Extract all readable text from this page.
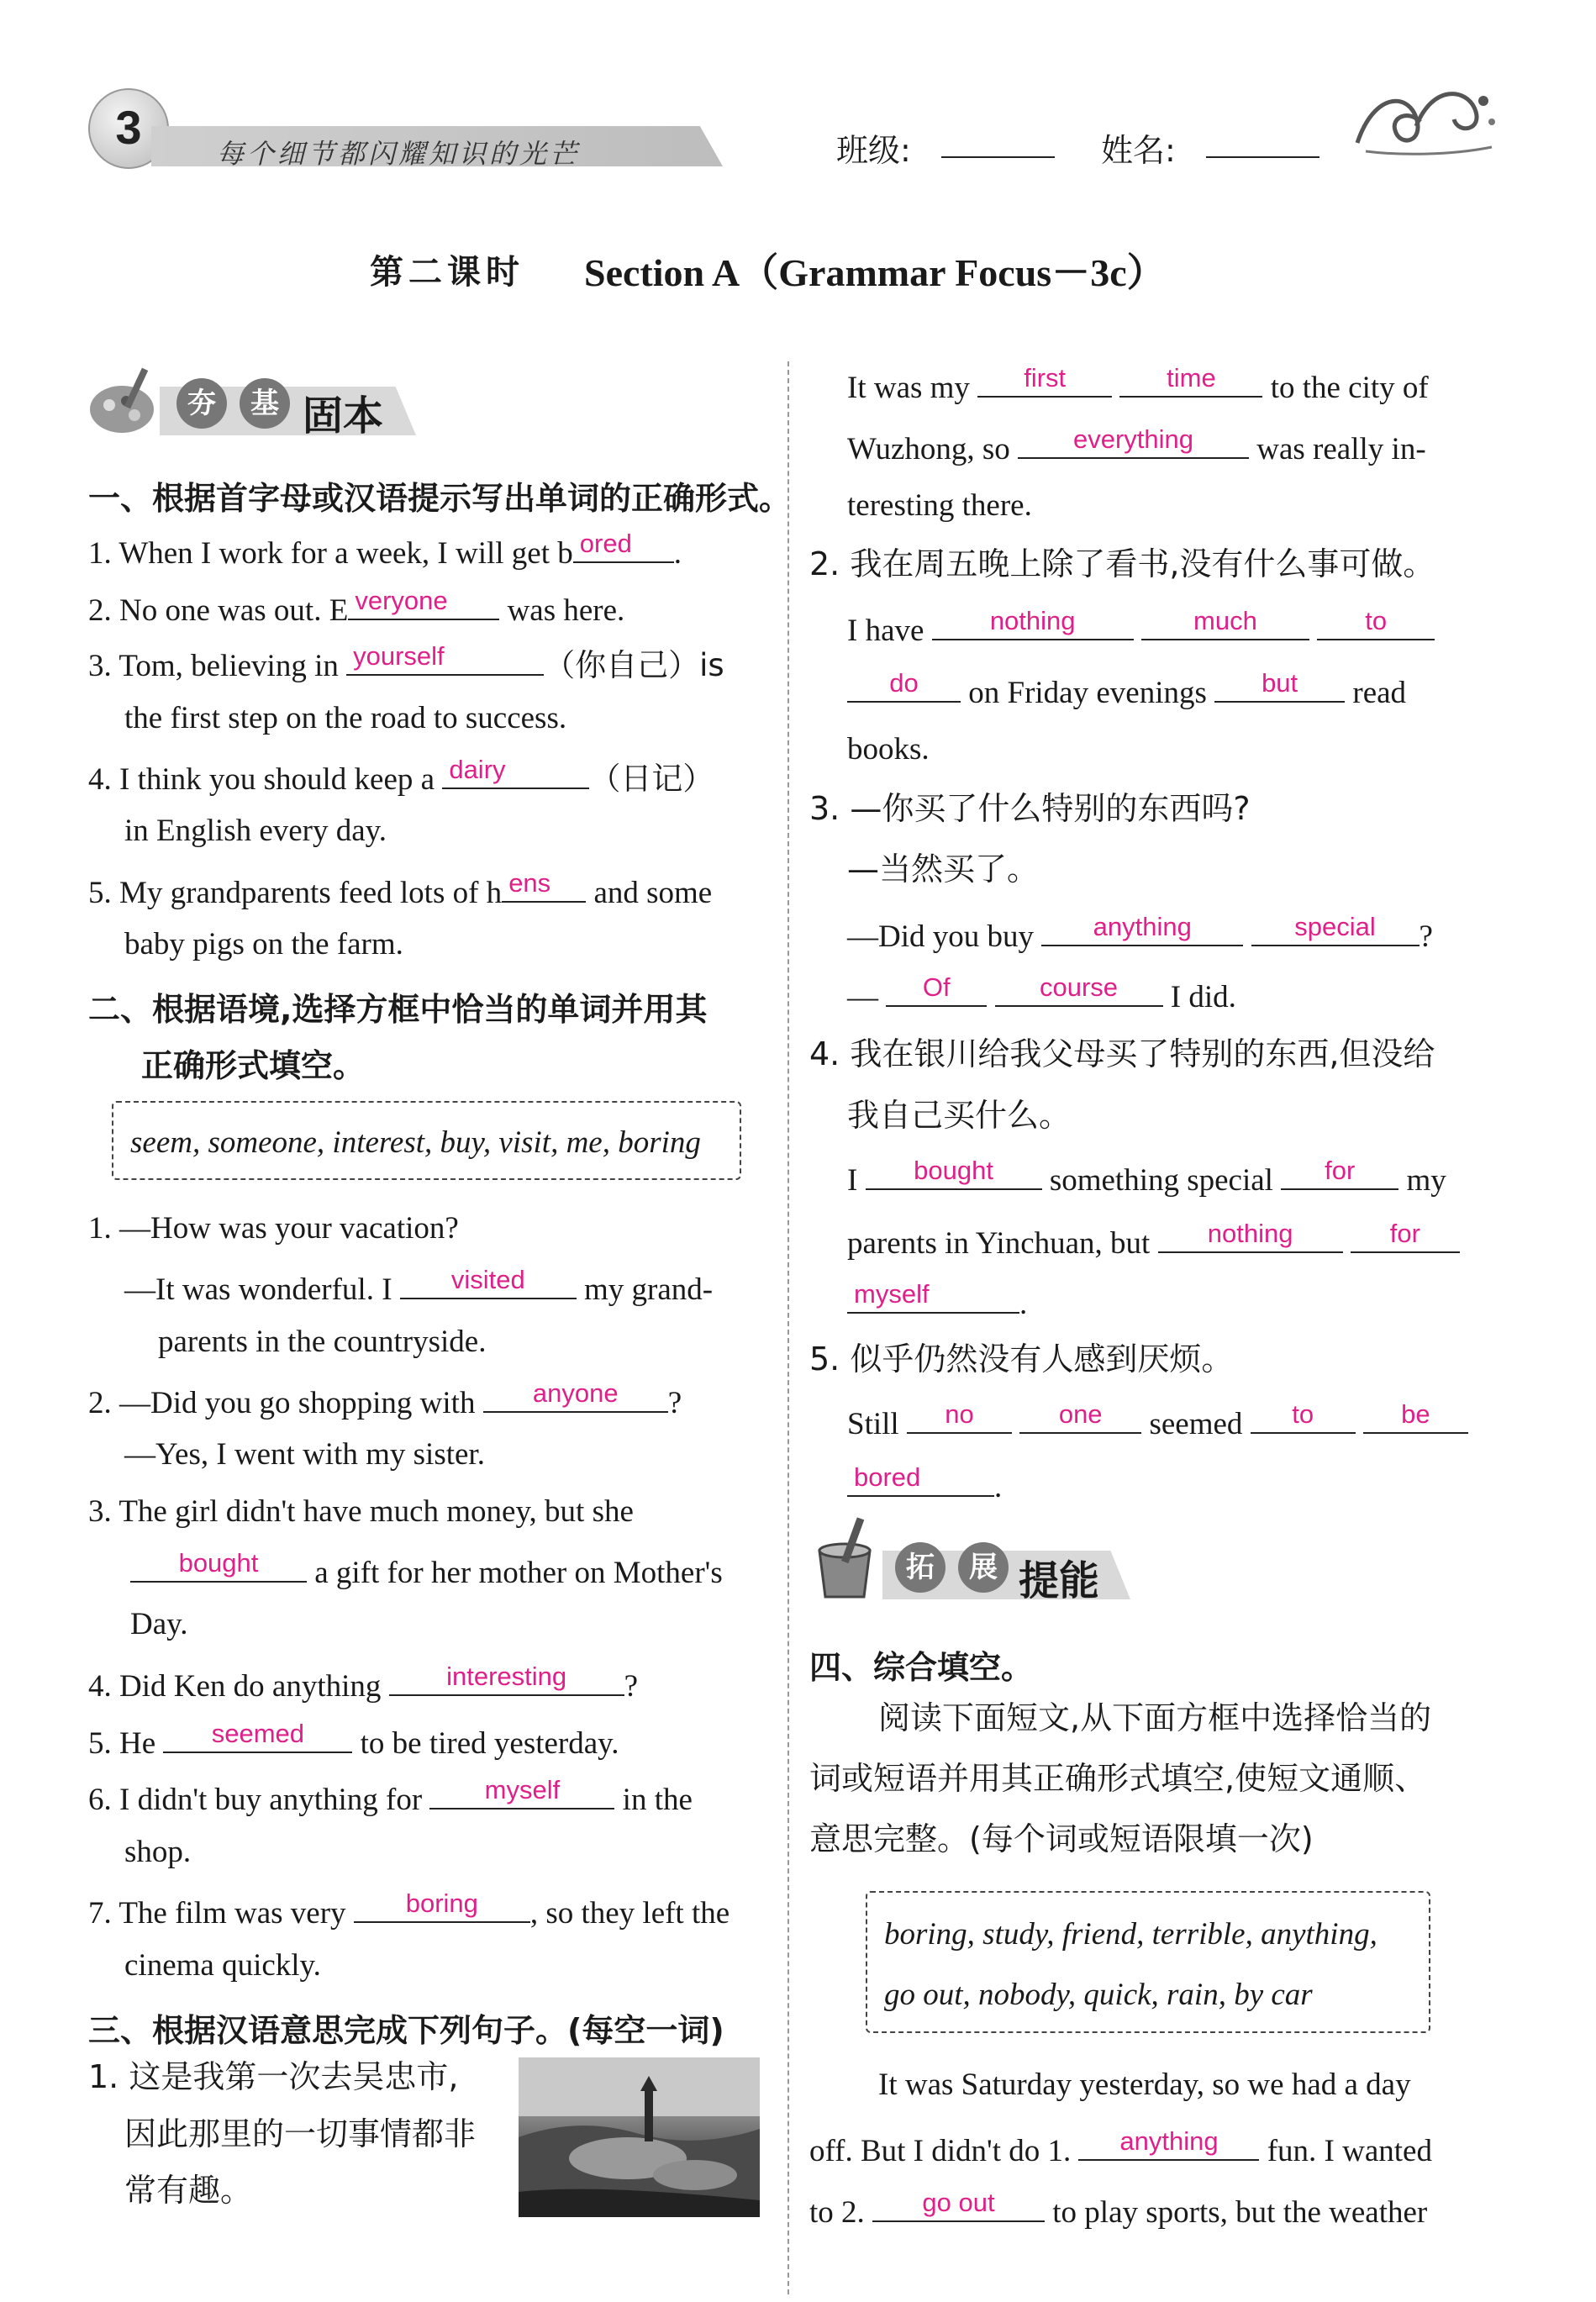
3	每个细节都闪耀知识的光芒	班级:	姓名:
第二课时 Section A（Grammar Focus－3c）
夯	基 固本
一、根据首字母或汉语提示写出单词的正确形式。
1. When I work for a week, I will get b ored	.
2. No one was out. E veryone	was here.
3. Tom, believing in yourself	（你自己）is
the first step on the road to success.
4. I think you should keep a dairy	（日记）
in English every day.
5. My grandparents feed lots of h ens	and some
baby pigs on the farm.
二、根据语境,选择方框中恰当的单词并用其
正确形式填空。
seem, someone, interest, buy, visit, me, boring
1. —How was your vacation?
—It was wonderful. I	visited	my grand-
parents in the countryside.
2. —Did you go shopping with	anyone	?
—Yes, I went with my sister.
3. The girl didn't have much money, but she
bought	a gift for her mother on Mother's
Day.
4. Did Ken do anything	interesting	?
5. He	seemed	to be tired yesterday.
6. I didn't buy anything for	myself	in the
shop.
7. The film was very	boring	, so they left the
cinema quickly.
三、根据汉语意思完成下列句子。(每空一词)
1. 这是我第一次去吴忠市,
因此那里的一切事情都非
常有趣。
It was my	first
	time	to the city of
Wuzhong, so	everything	was really in-
teresting there.
2. 我在周五晚上除了看书,没有什么事可做。
I have	nothing
	much
	to
do	on Friday evenings	but	read
books.
3. —你买了什么特别的东西吗?
—当然买了。
—Did you buy	anything
	special	?
—	Of
	course	I did.
4. 我在银川给我父母买了特别的东西,但没给
我自己买什么。
I	bought	something special	for	my
parents in Yinchuan, but	nothing
	for
myself	.
5. 似乎仍然没有人感到厌烦。
Still	no
	one	seemed	to
	be
bored	.
拓	展 提能
四、综合填空。
阅读下面短文,从下面方框中选择恰当的
词或短语并用其正确形式填空,使短文通顺、
意思完整。(每个词或短语限填一次)
boring, study, friend, terrible, anything,
go out, nobody, quick, rain, by car
It was Saturday yesterday, so we had a day
off. But I didn't do 1.	anything	fun. I wanted
to 2.	go out	to play sports, but the weather
